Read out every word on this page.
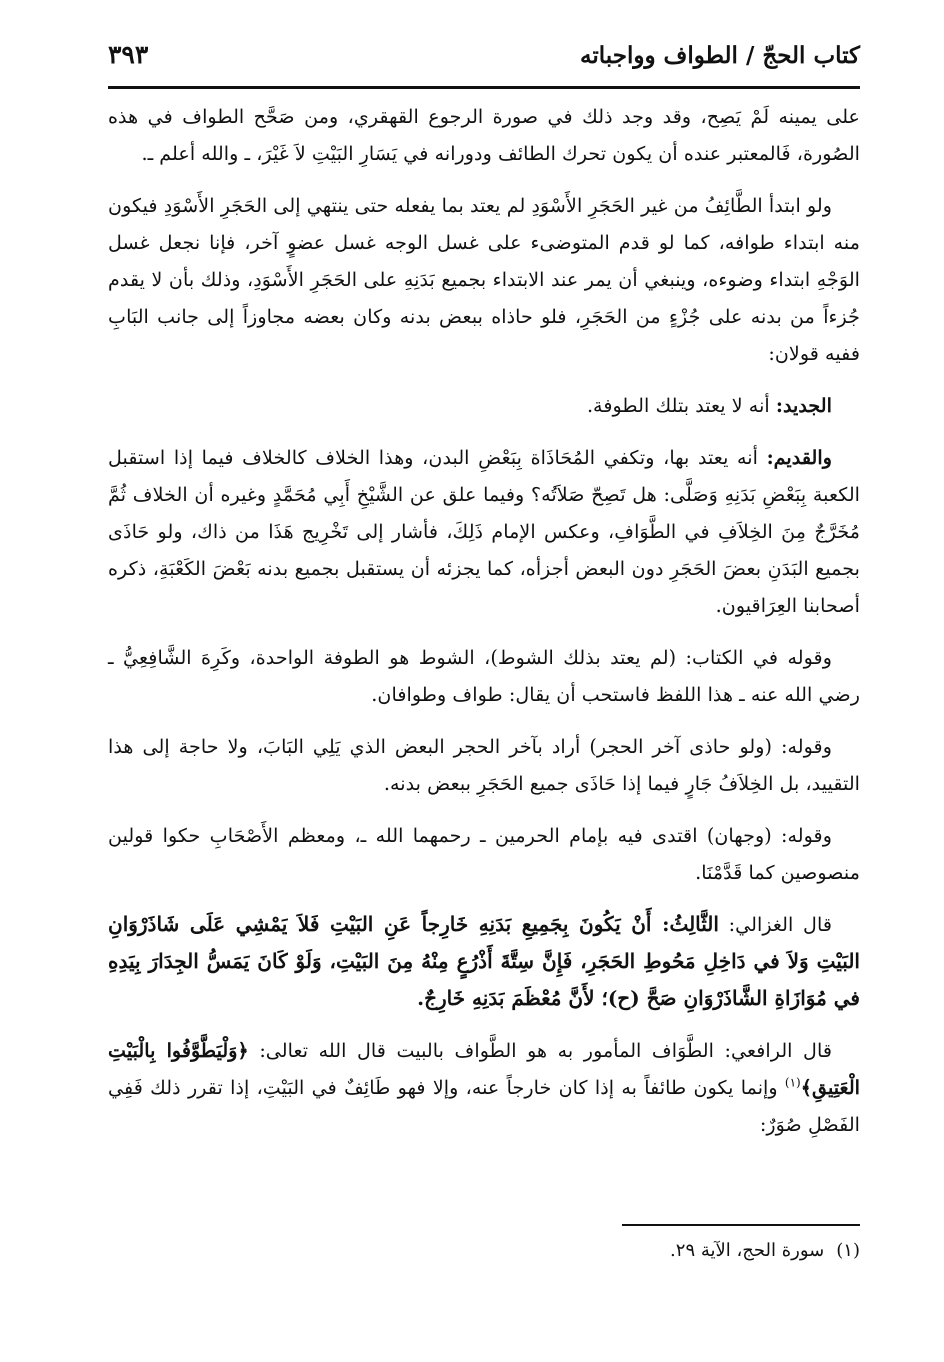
كتاب الحجّ / الطواف وواجباته
٣٩٣

على يمينه لَمْ يَصِح، وقد وجد ذلك في صورة الرجوع القهقري، ومن صَحَّح الطواف في هذه الصُورة، فَالمعتبر عنده أن يكون تحرك الطائف ودورانه في يَسَارِ البَيْتِ لاَ غَيْرَ، ـ والله أعلم ـ.

ولو ابتدأ الطَّائِفُ من غير الحَجَرِ الأَسْوَدِ لم يعتد بما يفعله حتى ينتهي إلى الحَجَرِ الأَسْوَدِ فيكون منه ابتداء طوافه، كما لو قدم المتوضىء على غسل الوجه غسل عضوٍ آخر، فإنا نجعل غسل الوَجْهِ ابتداء وضوءه، وينبغي أن يمر عند الابتداء بجميع بَدَنِهِ على الحَجَرِ الأَسْوَدِ، وذلك بأن لا يقدم جُزءاً من بدنه على جُزْءٍ من الحَجَرِ، فلو حاذاه ببعض بدنه وكان بعضه مجاوزاً إلى جانب البَابِ ففيه قولان:

الجديد: أنه لا يعتد بتلك الطوفة.

والقديم: أنه يعتد بها، وتكفي المُحَاذَاة بِبَعْضِ البدن، وهذا الخلاف كالخلاف فيما إذا استقبل الكعبة بِبَعْضِ بَدَنِهِ وَصَلَّى: هل تَصِحّ صَلاَتُه؟ وفيما علق عن الشَّيْخِ أَبِي مُحَمَّدٍ وغيره أن الخلاف ثُمَّ مُخَرَّجٌ مِنَ الخِلاَفِ في الطَّوَافِ، وعكس الإمام ذَلِكَ، فأشار إلى تَخْرِيج هَذَا من ذاك، ولو حَاذَى بجميع البَدَنِ بعضَ الحَجَرِ دون البعض أجزأه، كما يجزئه أن يستقبل بجميع بدنه بَعْضَ الكَعْبَةِ، ذكره أصحابنا العِرَاقيون.

وقوله في الكتاب: (لم يعتد بذلك الشوط)، الشوط هو الطوفة الواحدة، وكَرِهَ الشَّافِعِيُّ ـ رضي الله عنه ـ هذا اللفظ فاستحب أن يقال: طواف وطوافان.

وقوله: (ولو حاذى آخر الحجر) أراد بآخر الحجر البعض الذي يَلِي البَابَ، ولا حاجة إلى هذا التقييد، بل الخِلاَفُ جَارٍ فيما إذا حَاذَى جميع الحَجَرِ ببعض بدنه.

وقوله: (وجهان) اقتدى فيه بإمام الحرمين ـ رحمهما الله ـ، ومعظم الأَصْحَابِ حكوا قولين منصوصين كما قَدَّمْنَا.

قال الغزالي: الثَّالِثُ: أَنْ يَكُونَ بِجَمِيعِ بَدَنِهِ خَارِجاً عَنِ البَيْتِ فَلاَ يَمْشِي عَلَى شَاذَرْوَانِ البَيْتِ وَلاَ في دَاخِلِ مَحُوطِ الحَجَرِ، فَإِنَّ سِتَّةَ أَذْرُعٍ مِنْهُ مِنَ البَيْتِ، وَلَوْ كَانَ يَمَسُّ الجِدَارَ بِيَدِهِ في مُوَازَاةِ الشَّاذَرْوَانِ صَحَّ (ح)؛ لأَنَّ مُعْظَمَ بَدَنِهِ خَارِجٌ.

قال الرافعي: الطَّوَاف المأمور به هو الطَّواف بالبيت قال الله تعالى: ﴿وَلْيَطَّوَّفُوا بِالْبَيْتِ الْعَتِيقِ﴾$^{(١)}$ وإنما يكون طائفاً به إذا كان خارجاً عنه، وإلا فهو طَائِفٌ في البَيْتِ، إذا تقرر ذلك فَفِي الفَصْلِ صُوَرٌ:

(١)سورة الحج، الآية ٢٩.
